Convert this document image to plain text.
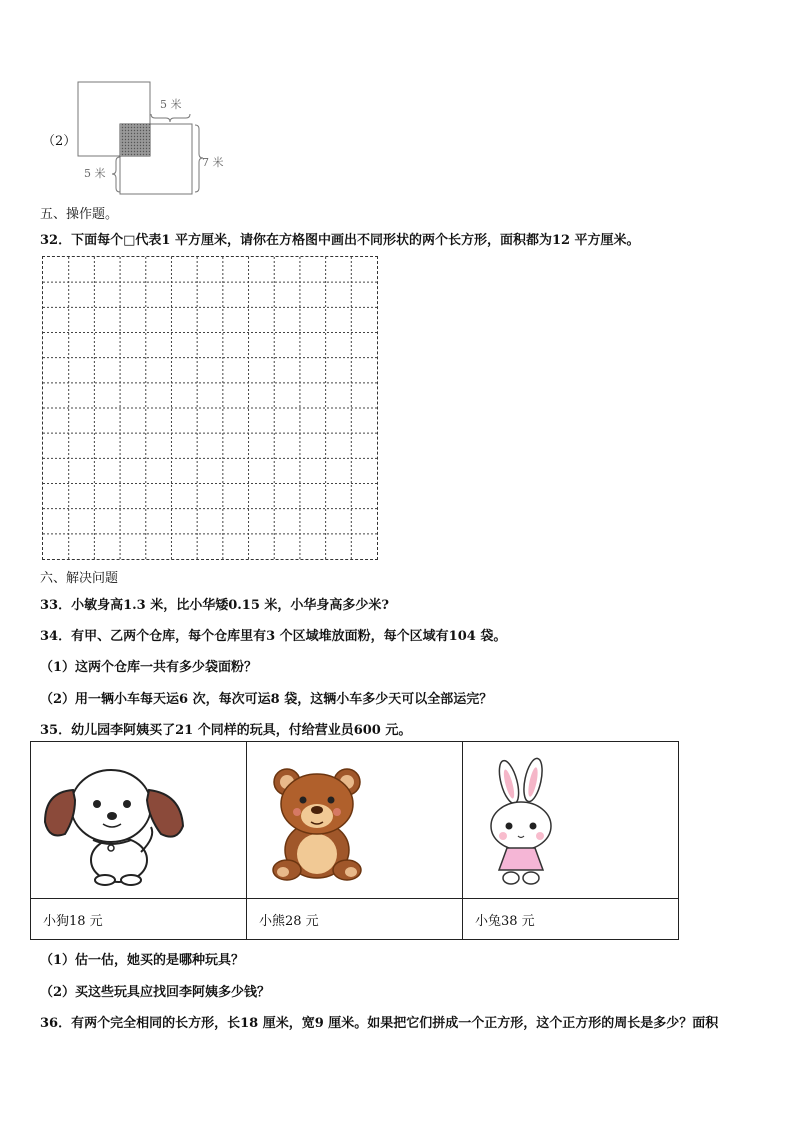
（2）
5 米
7 米
5 米
五、操作题。
32．下面每个□代表1 平方厘米，请你在方格图中画出不同形状的两个长方形，面积都为12 平方厘米。
六、解决问题
33．小敏身高1.3 米，比小华矮0.15 米，小华身高多少米?
34．有甲、乙两个仓库，每个仓库里有3 个区域堆放面粉，每个区域有104 袋。
（1）这两个仓库一共有多少袋面粉？
（2）用一辆小车每天运6 次，每次可运8 袋，这辆小车多少天可以全部运完？
35．幼儿园李阿姨买了21 个同样的玩具，付给营业员600 元。

小狗18 元	小熊28 元	小兔38 元
（1）估一估，她买的是哪种玩具？
（2）买这些玩具应找回李阿姨多少钱？
36．有两个完全相同的长方形，长18 厘米，宽9 厘米。如果把它们拼成一个正方形，这个正方形的周长是多少？面积
